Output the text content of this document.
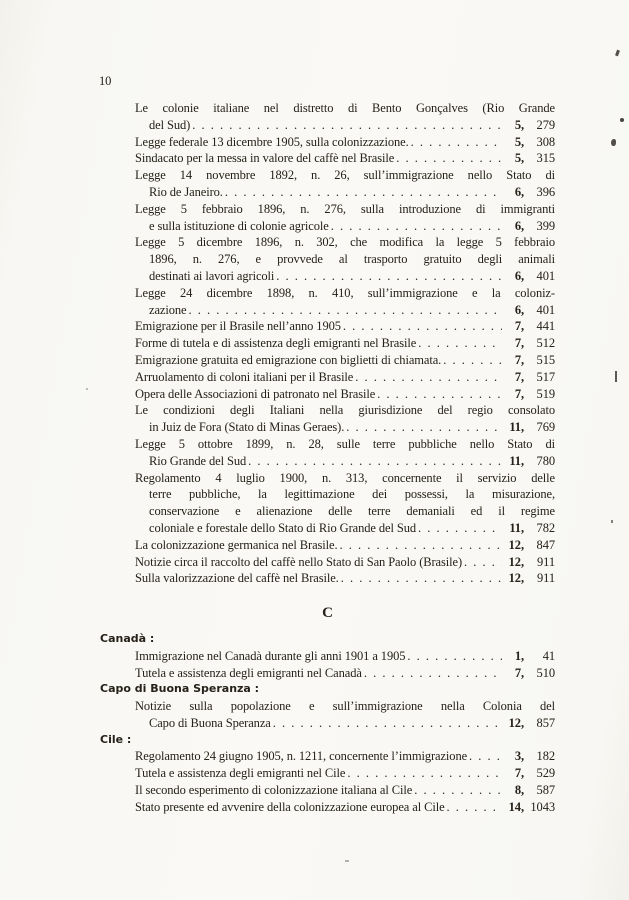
10
Le colonie italiane nel distretto di Bento Gonçalves (Rio Grande
del Sud) . . .	5 ,	279
Legge federale 13 dicembre 1905, sulla colonizzazione. . . .	5 ,	308
Sindacato per la messa in valore del caffè nel Brasile . . .	5 ,	315
Legge 14 novembre 1892, n. 26, sull’immigrazione nello Stato di
Rio de Janeiro. . . .	6 ,	396
Legge 5 febbraio 1896, n. 276, sulla introduzione di immigranti
e sulla istituzione di colonie agricole . . .	6 ,	399
Legge 5 dicembre 1896, n. 302, che modifica la legge 5 febbraio
1896, n. 276, e provvede al trasporto gratuito degli animali
destinati ai lavori agricoli . . .	6 ,	401
Legge 24 dicembre 1898, n. 410, sull’immigrazione e la coloniz-
zazione . . .	6 ,	401
Emigrazione per il Brasile nell’anno 1905 . . .	7 ,	441
Forme di tutela e di assistenza degli emigranti nel Brasile . . .	7 ,	512
Emigrazione gratuita ed emigrazione con biglietti di chiamata. . . .	7 ,	515
Arruolamento di coloni italiani per il Brasile . . .	7 ,	517
Opera delle Associazioni di patronato nel Brasile . . .	7 ,	519
Le condizioni degli Italiani nella giurisdizione del regio consolato
in Juiz de Fora (Stato di Minas Geraes). . . .	11 ,	769
Legge 5 ottobre 1899, n. 28, sulle terre pubbliche nello Stato di
Rio Grande del Sud . . .	11 ,	780
Regolamento 4 luglio 1900, n. 313, concernente il servizio delle
terre pubbliche, la legittimazione dei possessi, la misurazione,
conservazione e alienazione delle terre demaniali ed il regime
coloniale e forestale dello Stato di Rio Grande del Sud . . .	11 ,	782
La colonizzazione germanica nel Brasile. . . .	12 ,	847
Notizie circa il raccolto del caffè nello Stato di San Paolo (Brasile) . . .	12 ,	911
Sulla valorizzazione del caffè nel Brasile. . . .	12 ,	911
C
Canadà :
Immigrazione nel Canadà durante gli anni 1901 a 1905 . . .	1 ,	41
Tutela e assistenza degli emigranti nel Canadà . . .	7 ,	510
Capo di Buona Speranza :
Notizie sulla popolazione e sull’immigrazione nella Colonia del
Capo di Buona Speranza . . .	12 ,	857
Cile :
Regolamento 24 giugno 1905, n. 1211, concernente l’immigrazione . . .	3 ,	182
Tutela e assistenza degli emigranti nel Cile . . .	7 ,	529
Il secondo esperimento di colonizzazione italiana al Cile . . .	8 ,	587
Stato presente ed avvenire della colonizzazione europea al Cile . . .	14 , 1043
